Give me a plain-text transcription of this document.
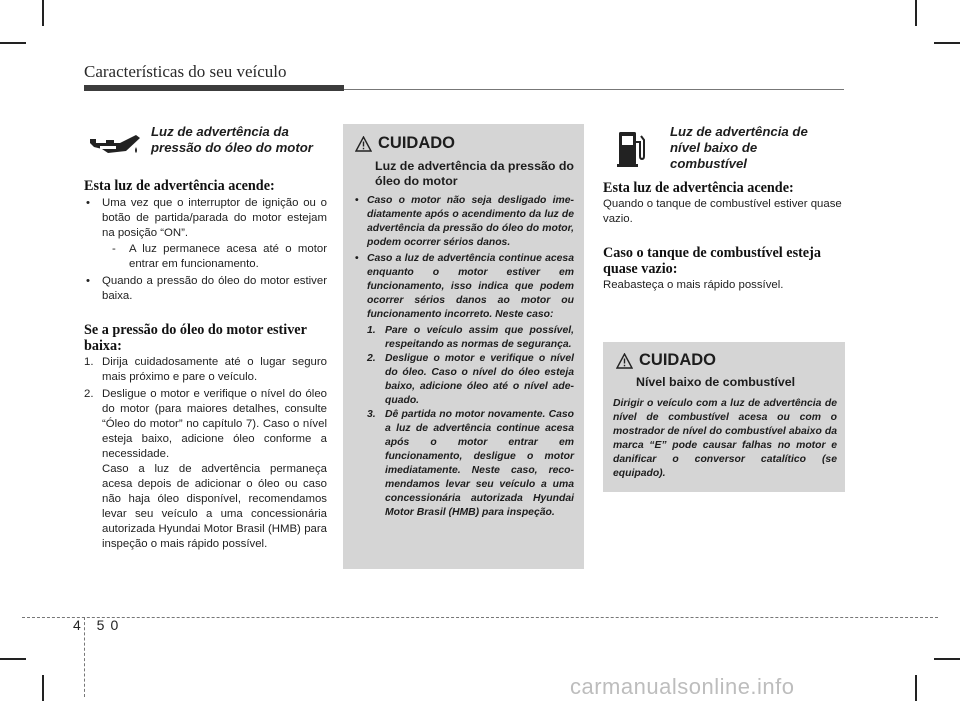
Características do seu veículo
Luz de advertência da pressão do óleo do motor
Esta luz de advertência acende:
• Uma vez que o interruptor de ignição ou o botão de partida/parada do motor estejam na posição “ON”.
- A luz permanece acesa até o motor entrar em funcionamento.
• Quando a pressão do óleo do motor estiver baixa.
Se a pressão do óleo do motor estiver baixa:
1. Dirija cuidadosamente até o lugar seguro mais próximo e pare o veículo.
2. Desligue o motor e verifique o nível do óleo do motor (para maiores detalhes, consulte “Óleo do motor” no capítulo 7). Caso o nível esteja baixo, adicione óleo conforme a necessidade.
Caso a luz de advertência permaneça acesa depois de adicionar o óleo ou caso não haja óleo disponível, recomendamos levar seu veículo a uma concessionária autorizada Hyundai Motor Brasil (HMB) para inspeção o mais rápido possível.
CUIDADO
Luz de advertência da pressão do óleo do motor
• Caso o motor não seja desligado imediatamente após o acendimento da luz de advertência da pressão do óleo do motor, podem ocorrer sérios danos.
• Caso a luz de advertência continue acesa enquanto o motor estiver em funcionamento, isso indica que podem ocorrer sérios danos ao motor ou funcionamento incorreto. Neste caso:
1. Pare o veículo assim que possível, respeitando as normas de segurança.
2. Desligue o motor e verifique o nível do óleo. Caso o nível do óleo esteja baixo, adicione óleo até o nível adequado.
3. Dê partida no motor novamente. Caso a luz de advertência continue acesa após o motor entrar em funcionamento, desligue o motor imediatamente. Neste caso, recomendamos levar seu veículo a uma concessionária autorizada Hyundai Motor Brasil (HMB) para inspeção.
Luz de advertência de nível baixo de combustível
Esta luz de advertência acende:
Quando o tanque de combustível estiver quase vazio.
Caso o tanque de combustível esteja quase vazio:
Reabasteça o mais rápido possível.
CUIDADO
Nível baixo de combustível
Dirigir o veículo com a luz de advertência de nível de combustível acesa ou com o mostrador de nível do combustível abaixo da marca “E” pode causar falhas no motor e danificar o conversor catalítico (se equipado).
4 50
carmanualsonline.info
